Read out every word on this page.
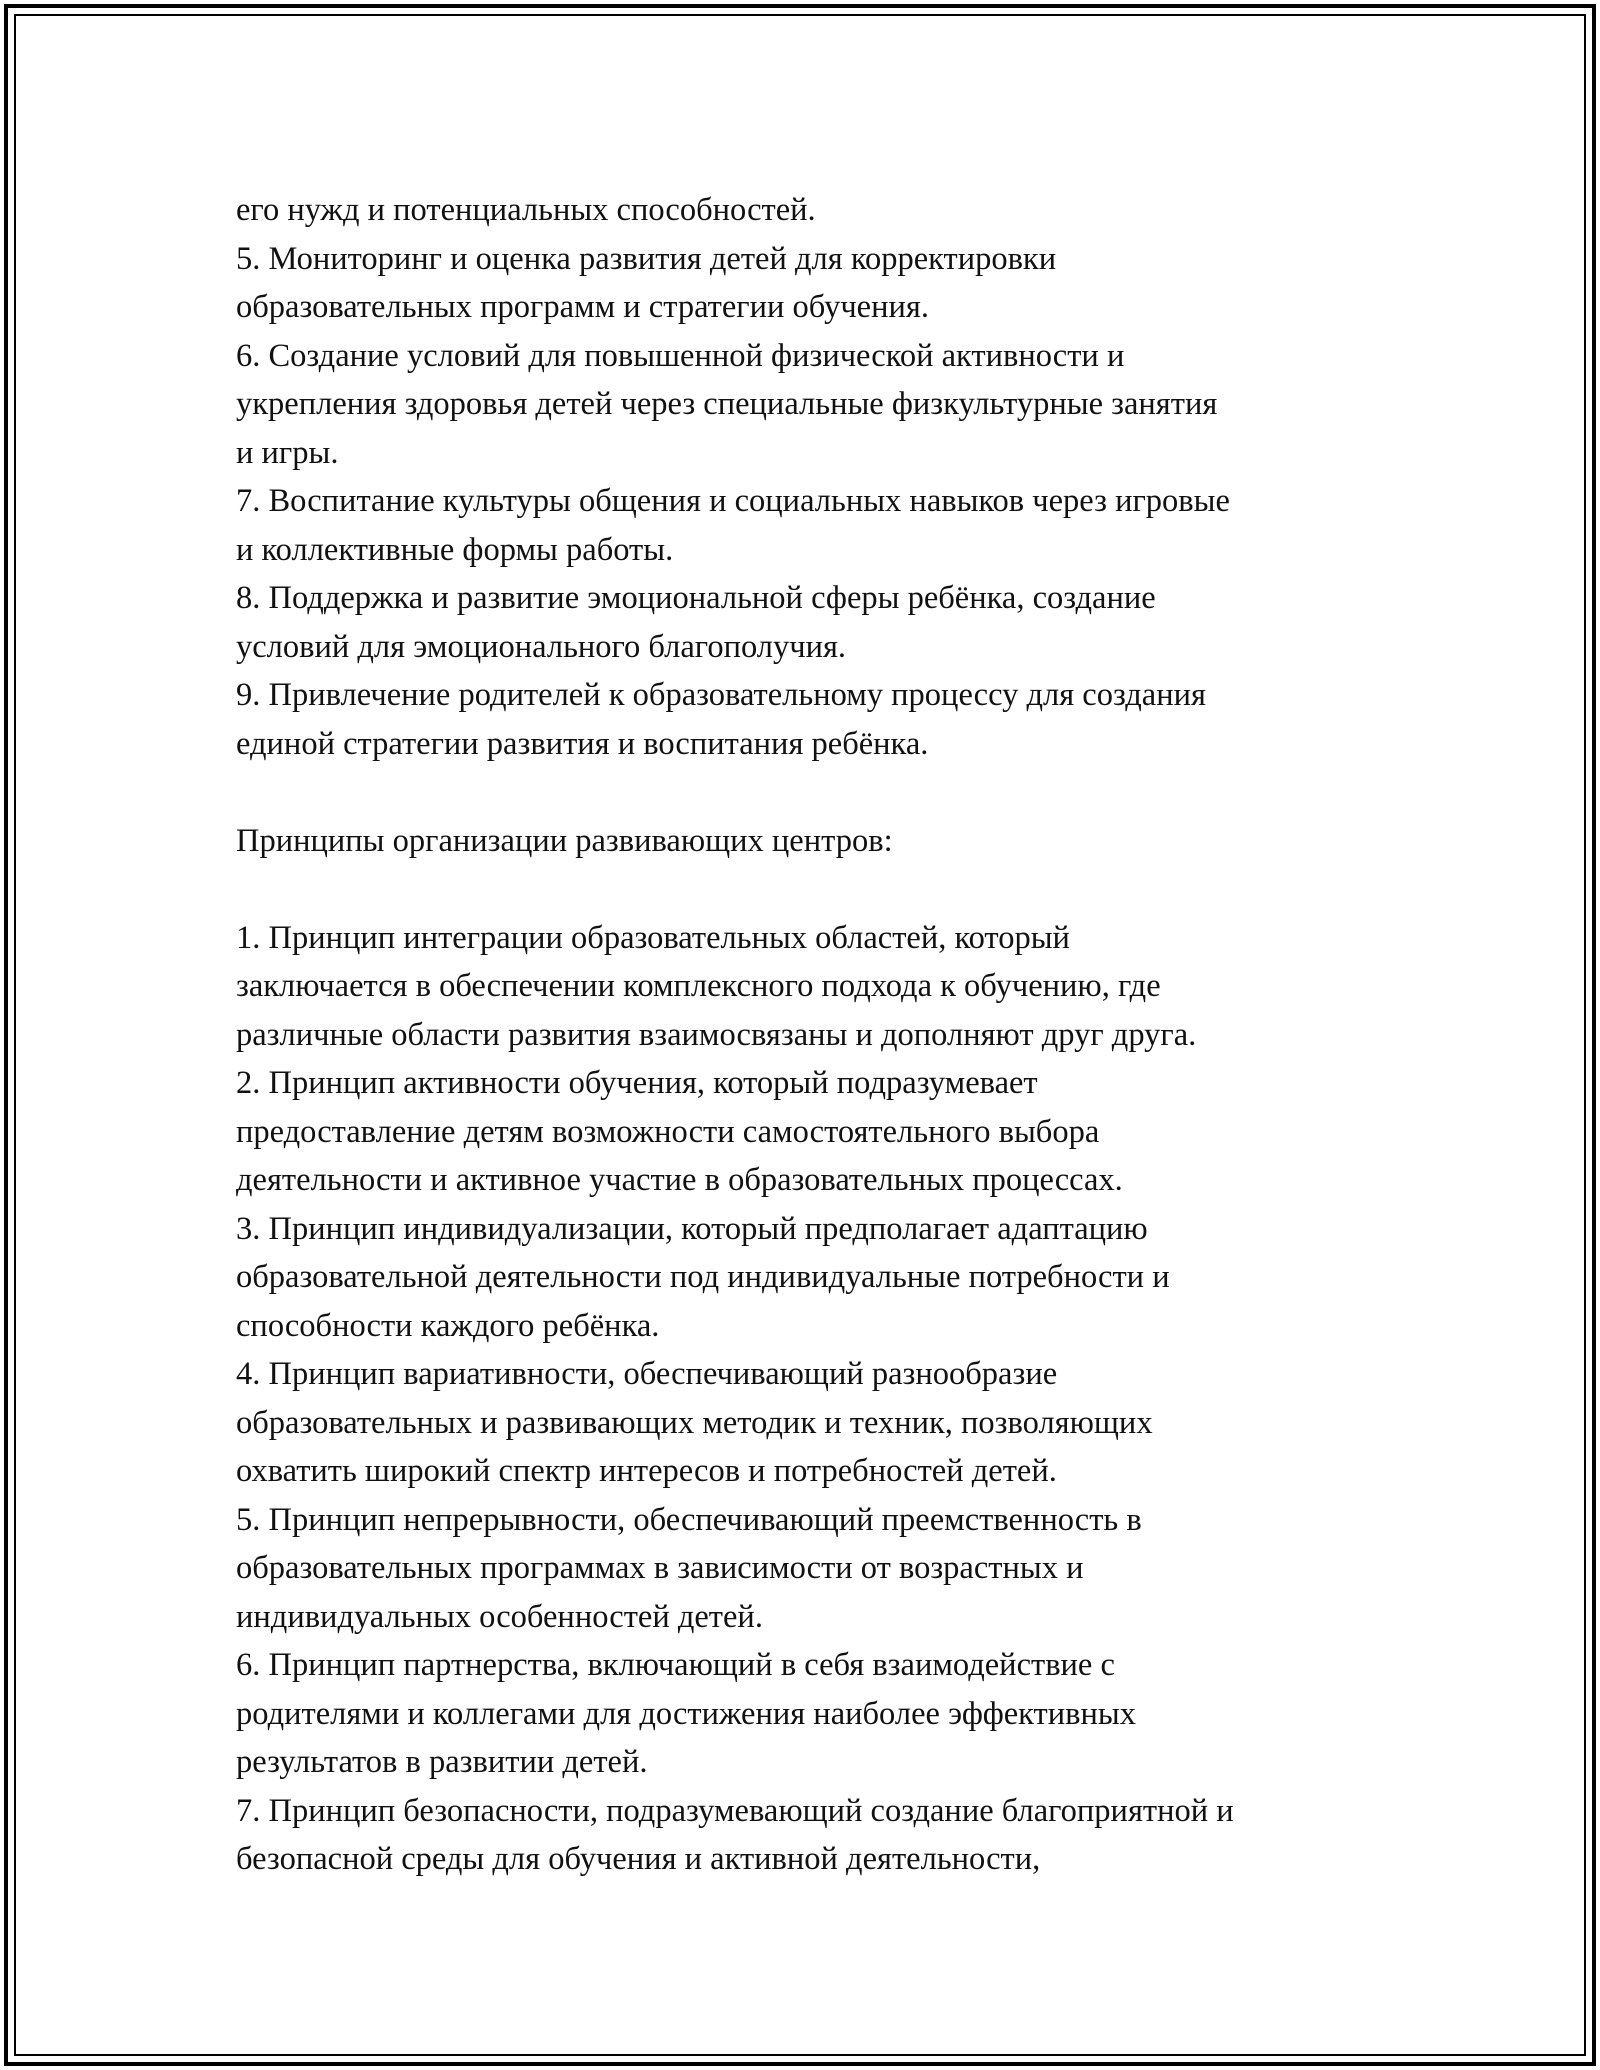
его нужд и потенциальных способностей.
5. Мониторинг и оценка развития детей для корректировки
образовательных программ и стратегии обучения.
6. Создание условий для повышенной физической активности и
укрепления здоровья детей через специальные физкультурные занятия
и игры.
7. Воспитание культуры общения и социальных навыков через игровые
и коллективные формы работы.
8. Поддержка и развитие эмоциональной сферы ребёнка, создание
условий для эмоционального благополучия.
9. Привлечение родителей к образовательному процессу для создания
единой стратегии развития и воспитания ребёнка.
Принципы организации развивающих центров:
1. Принцип интеграции образовательных областей, который
заключается в обеспечении комплексного подхода к обучению, где
различные области развития взаимосвязаны и дополняют друг друга.
2. Принцип активности обучения, который подразумевает
предоставление детям возможности самостоятельного выбора
деятельности и активное участие в образовательных процессах.
3. Принцип индивидуализации, который предполагает адаптацию
образовательной деятельности под индивидуальные потребности и
способности каждого ребёнка.
4. Принцип вариативности, обеспечивающий разнообразие
образовательных и развивающих методик и техник, позволяющих
охватить широкий спектр интересов и потребностей детей.
5. Принцип непрерывности, обеспечивающий преемственность в
образовательных программах в зависимости от возрастных и
индивидуальных особенностей детей.
6. Принцип партнерства, включающий в себя взаимодействие с
родителями и коллегами для достижения наиболее эффективных
результатов в развитии детей.
7. Принцип безопасности, подразумевающий создание благоприятной и
безопасной среды для обучения и активной деятельности,
